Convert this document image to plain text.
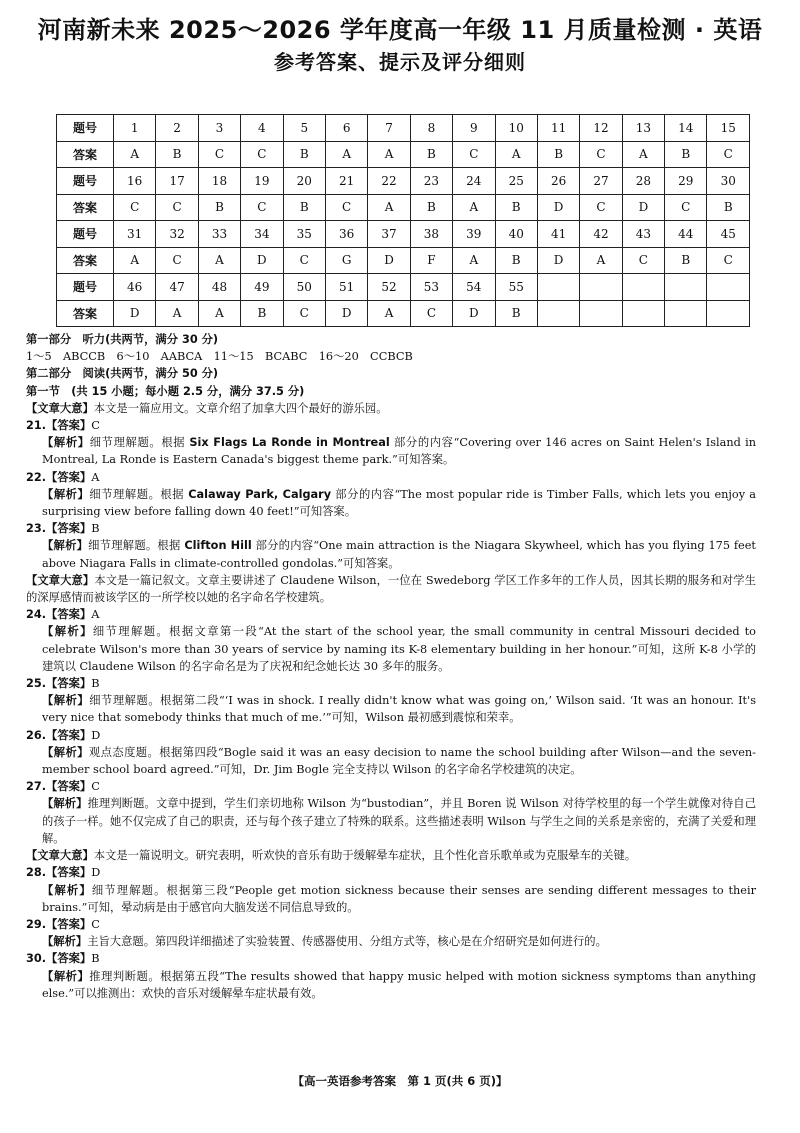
河南新未来 2025～2026 学年度高一年级 11 月质量检测 · 英语
参考答案、提示及评分细则
题号	1	2	3	4	5	6	7	8	9	10	11	12	13	14	15
答案	A	B	C	C	B	A	A	B	C	A	B	C	A	B	C
题号	16	17	18	19	20	21	22	23	24	25	26	27	28	29	30
答案	C	C	B	C	B	C	A	B	A	B	D	C	D	C	B
题号	31	32	33	34	35	36	37	38	39	40	41	42	43	44	45
答案	A	C	A	D	C	G	D	F	A	B	D	A	C	B	C
题号	46	47	48	49	50	51	52	53	54	55					
答案	D	A	A	B	C	D	A	C	D	B					
第一部分　听力(共两节，满分 30 分)
1～5　ABCCB　6～10　AABCA　11～15　BCABC　16～20　CCBCB
第二部分　阅读(共两节，满分 50 分)
第一节　(共 15 小题；每小题 2.5 分，满分 37.5 分)
【文章大意】本文是一篇应用文。文章介绍了加拿大四个最好的游乐园。
21.【答案】C
【解析】细节理解题。根据 Six Flags La Ronde in Montreal 部分的内容“Covering over 146 acres on Saint Helen's Island in Montreal, La Ronde is Eastern Canada's biggest theme park.”可知答案。
22.【答案】A
【解析】细节理解题。根据 Calaway Park, Calgary 部分的内容“The most popular ride is Timber Falls, which lets you enjoy a surprising view before falling down 40 feet!”可知答案。
23.【答案】B
【解析】细节理解题。根据 Clifton Hill 部分的内容“One main attraction is the Niagara Skywheel, which has you flying 175 feet above Niagara Falls in climate-controlled gondolas.”可知答案。
【文章大意】本文是一篇记叙文。文章主要讲述了 Claudene Wilson，一位在 Swedeborg 学区工作多年的工作人员，因其长期的服务和对学生的深厚感情而被该学区的一所学校以她的名字命名学校建筑。
24.【答案】A
【解析】细节理解题。根据文章第一段“At the start of the school year, the small community in central Missouri decided to celebrate Wilson's more than 30 years of service by naming its K-8 elementary building in her honour.”可知，这所 K-8 小学的建筑以 Claudene Wilson 的名字命名是为了庆祝和纪念她长达 30 多年的服务。
25.【答案】B
【解析】细节理解题。根据第二段“‘I was in shock. I really didn't know what was going on,’ Wilson said. ‘It was an honour. It's very nice that somebody thinks that much of me.’”可知，Wilson 最初感到震惊和荣幸。
26.【答案】D
【解析】观点态度题。根据第四段“Bogle said it was an easy decision to name the school building after Wilson—and the seven-member school board agreed.”可知，Dr. Jim Bogle 完全支持以 Wilson 的名字命名学校建筑的决定。
27.【答案】C
【解析】推理判断题。文章中提到，学生们亲切地称 Wilson 为“bustodian”，并且 Boren 说 Wilson 对待学校里的每一个学生就像对待自己的孩子一样。她不仅完成了自己的职责，还与每个孩子建立了特殊的联系。这些描述表明 Wilson 与学生之间的关系是亲密的，充满了关爱和理解。
【文章大意】本文是一篇说明文。研究表明，听欢快的音乐有助于缓解晕车症状，且个性化音乐歌单或为克服晕车的关键。
28.【答案】D
【解析】细节理解题。根据第三段“People get motion sickness because their senses are sending different messages to their brains.”可知，晕动病是由于感官向大脑发送不同信息导致的。
29.【答案】C
【解析】主旨大意题。第四段详细描述了实验装置、传感器使用、分组方式等，核心是在介绍研究是如何进行的。
30.【答案】B
【解析】推理判断题。根据第五段“The results showed that happy music helped with motion sickness symptoms than anything else.”可以推测出：欢快的音乐对缓解晕车症状最有效。
【高一英语参考答案　第 1 页(共 6 页)】
